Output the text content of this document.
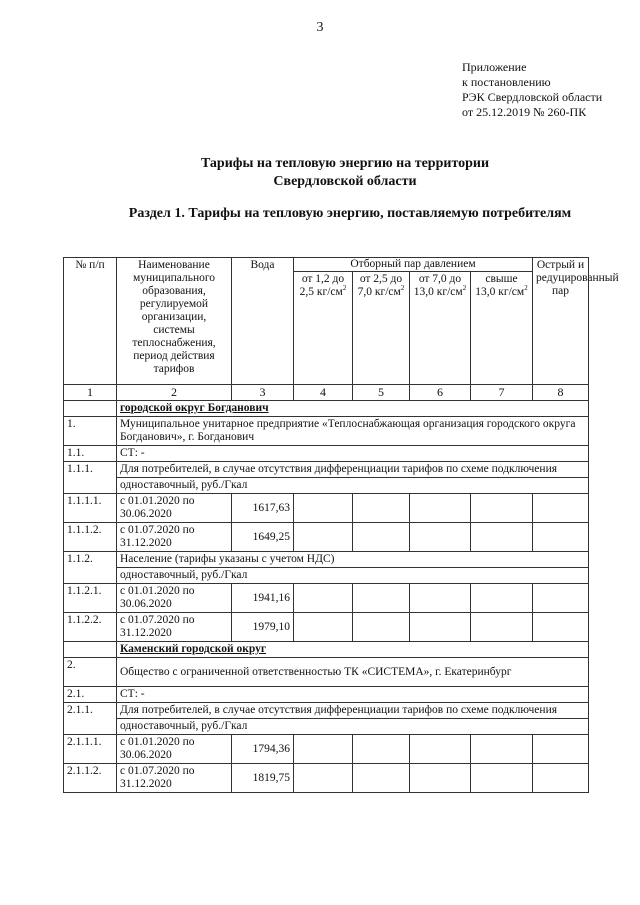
3
Приложение
к постановлению
РЭК Свердловской области
от 25.12.2019 № 260-ПК
Тарифы на тепловую энергию на территории
Свердловской области
Раздел 1. Тарифы на тепловую энергию, поставляемую потребителям
№ п/п	Наименование муниципального образования, регулируемой организации, системы теплоснабжения, период действия тарифов	Вода	Отборный пар давлением				Острый и редуцированный пар
			от 1,2 до 2,5 $кг/см^2$	от 2,5 до 7,0 $кг/см^2$	от 7,0 до 13,0 $кг/см^2$	свыше 13,0 $кг/см^2$
1	2	3	4	5	6	7	8
	городской округ Богданович						
1.	Муниципальное унитарное предприятие «Теплоснабжающая организация городского округа Богданович», г. Богданович						
1.1.	СТ: -						
1.1.1.	Для потребителей, в случае отсутствия дифференциации тарифов по схеме подключения						
	одноставочный, руб./Гкал						
1.1.1.1.	с 01.01.2020 по 30.06.2020	1617,63					
1.1.1.2.	с 01.07.2020 по 31.12.2020	1649,25					
1.1.2.	Население (тарифы указаны с учетом НДС)						
	одноставочный, руб./Гкал						
1.1.2.1.	с 01.01.2020 по 30.06.2020	1941,16					
1.1.2.2.	с 01.07.2020 по 31.12.2020	1979,10					
	Каменский городской округ						
2.	Общество с ограниченной ответственностью ТК «СИСТЕМА», г. Екатеринбург						
2.1.	СТ: -						
2.1.1.	Для потребителей, в случае отсутствия дифференциации тарифов по схеме подключения						
	одноставочный, руб./Гкал						
2.1.1.1.	с 01.01.2020 по 30.06.2020	1794,36					
2.1.1.2.	с 01.07.2020 по 31.12.2020	1819,75					
